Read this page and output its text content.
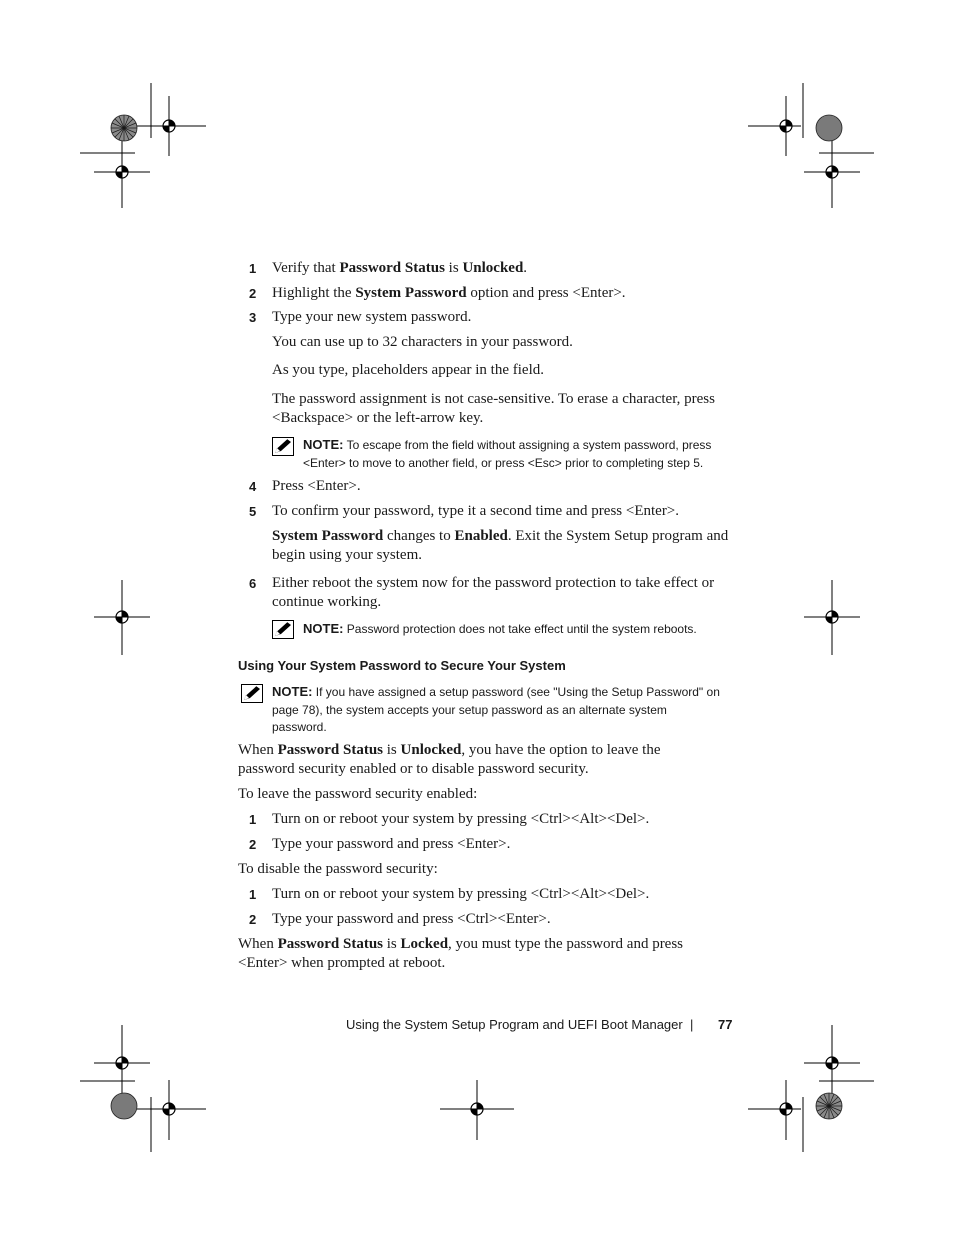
1 Verify that Password Status is Unlocked.
2 Highlight the System Password option and press <Enter>.
3 Type your new system password.
You can use up to 32 characters in your password.
As you type, placeholders appear in the field.
The password assignment is not case-sensitive. To erase a character, press
<Backspace> or the left-arrow key.
NOTE: To escape from the field without assigning a system password, press
<Enter> to move to another field, or press <Esc> prior to completing step 5.
4 Press <Enter>.
5 To confirm your password, type it a second time and press <Enter>.
System Password changes to Enabled. Exit the System Setup program and
begin using your system.
6 Either reboot the system now for the password protection to take effect or
continue working.
NOTE: Password protection does not take effect until the system reboots.
Using Your System Password to Secure Your System
NOTE: If you have assigned a setup password (see "Using the Setup Password" on
page 78), the system accepts your setup password as an alternate system
password.
When Password Status is Unlocked, you have the option to leave the
password security enabled or to disable password security.
To leave the password security enabled:
1 Turn on or reboot your system by pressing <Ctrl><Alt><Del>.
2 Type your password and press <Enter>.
To disable the password security:
1 Turn on or reboot your system by pressing <Ctrl><Alt><Del>.
2 Type your password and press <Ctrl><Enter>.
When Password Status is Locked, you must type the password and press
<Enter> when prompted at reboot.
Using the System Setup Program and UEFI Boot Manager | 77
